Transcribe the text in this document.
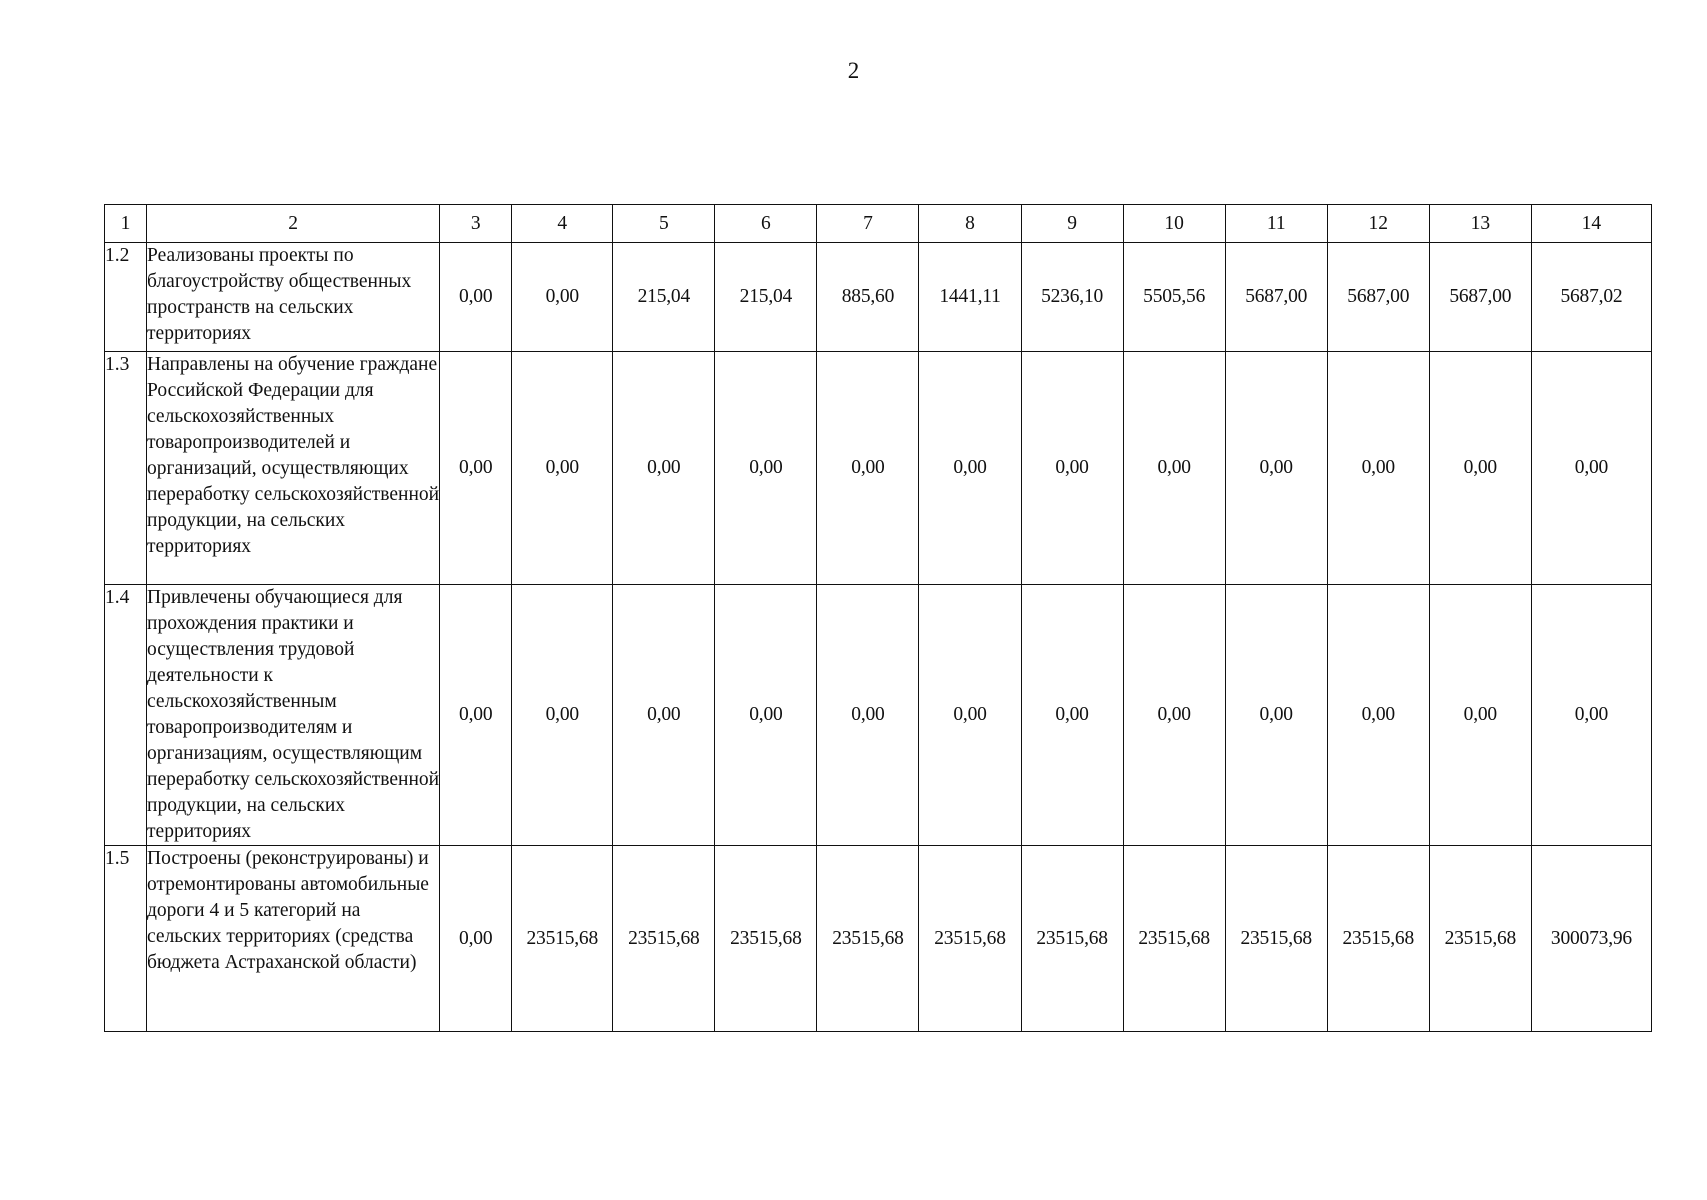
2
1	2	3	4	5	6	7	8	9	10	11	12	13	14
1.2	Реализованы проекты по благоустройству общественных пространств на сельских территориях	0,00	0,00	215,04	215,04	885,60	1441,11	5236,10	5505,56	5687,00	5687,00	5687,00	5687,02
1.3	Направлены на обучение граждане Российской Федерации для сельскохозяйственных товаропроизводителей и организаций, осуществляющих переработку сельскохозяйственной продукции, на сельских территориях	0,00	0,00	0,00	0,00	0,00	0,00	0,00	0,00	0,00	0,00	0,00	0,00
1.4	Привлечены обучающиеся для прохождения практики и осуществления трудовой деятельности к сельскохозяйственным товаропроизводителям и организациям, осуществляющим переработку сельскохозяйственной продукции, на сельских территориях	0,00	0,00	0,00	0,00	0,00	0,00	0,00	0,00	0,00	0,00	0,00	0,00
1.5	Построены (реконструированы) и отремонтированы автомобильные дороги 4 и 5 категорий на сельских территориях (средства бюджета Астраханской области)	0,00	23515,68	23515,68	23515,68	23515,68	23515,68	23515,68	23515,68	23515,68	23515,68	23515,68	300073,96
